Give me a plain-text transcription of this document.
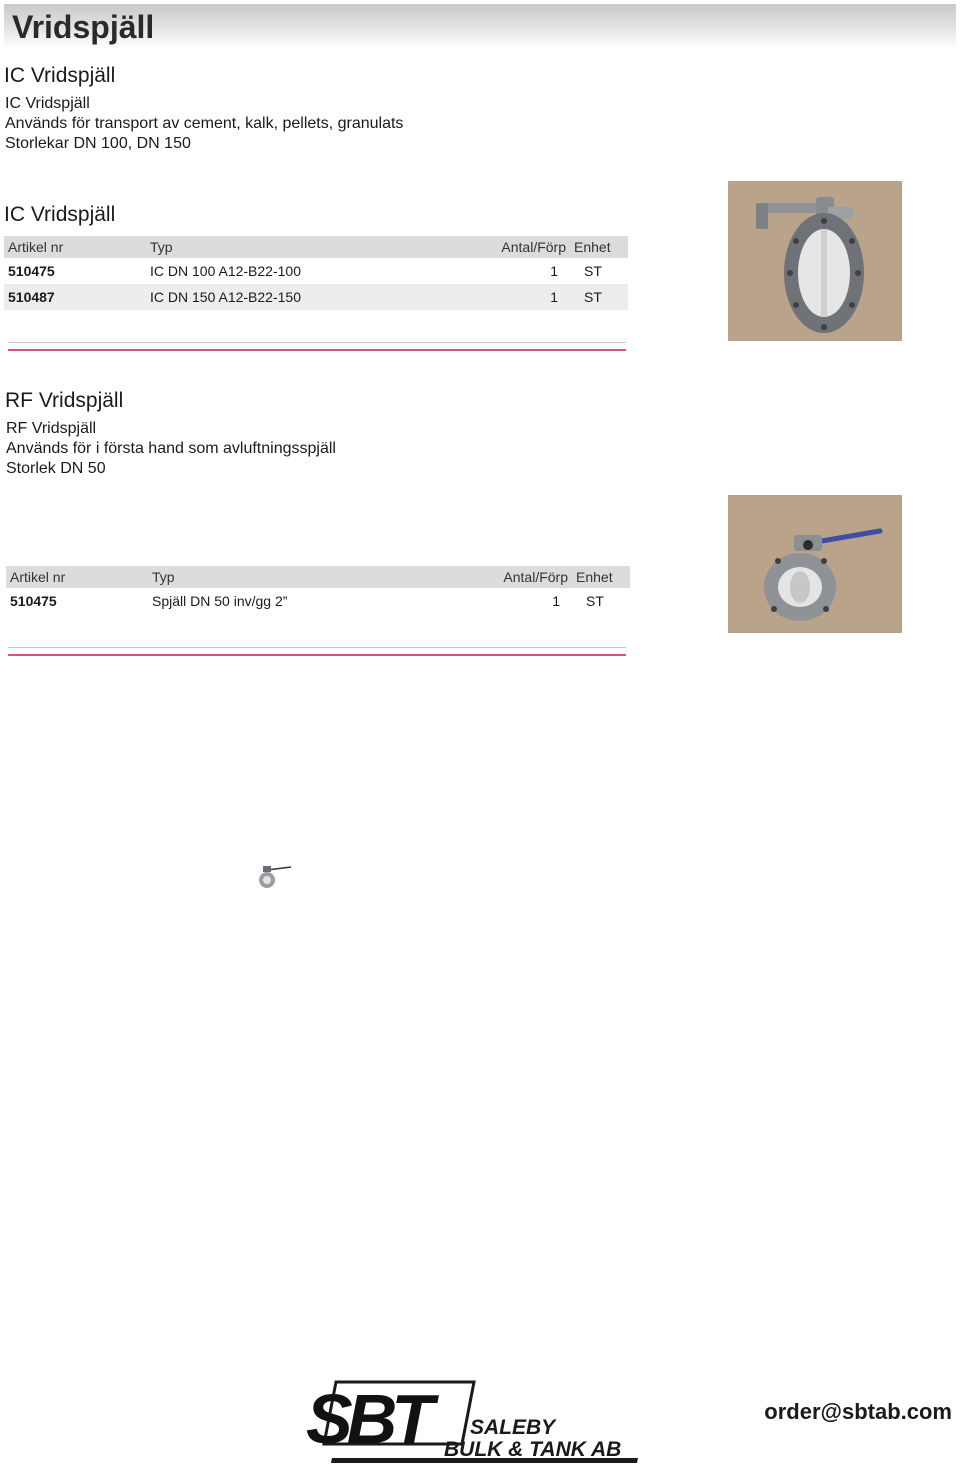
Vridspjäll
IC Vridspjäll
IC Vridspjäll
Används för transport av cement, kalk, pellets, granulats
Storlekar DN 100, DN 150
IC Vridspjäll
Artikel nr	Typ	Antal/Förp	Enhet
510475	IC DN 100 A12-B22-100	1	ST
510487	IC DN 150 A12-B22-150	1	ST
RF Vridspjäll
RF Vridspjäll
Används för i första hand som avluftningsspjäll
Storlek DN 50
Artikel nr	Typ	Antal/Förp	Enhet
510475	Spjäll DN 50 inv/gg 2”	1	ST
SBT SALEBY
BULK & TANK AB
order@sbtab.com
